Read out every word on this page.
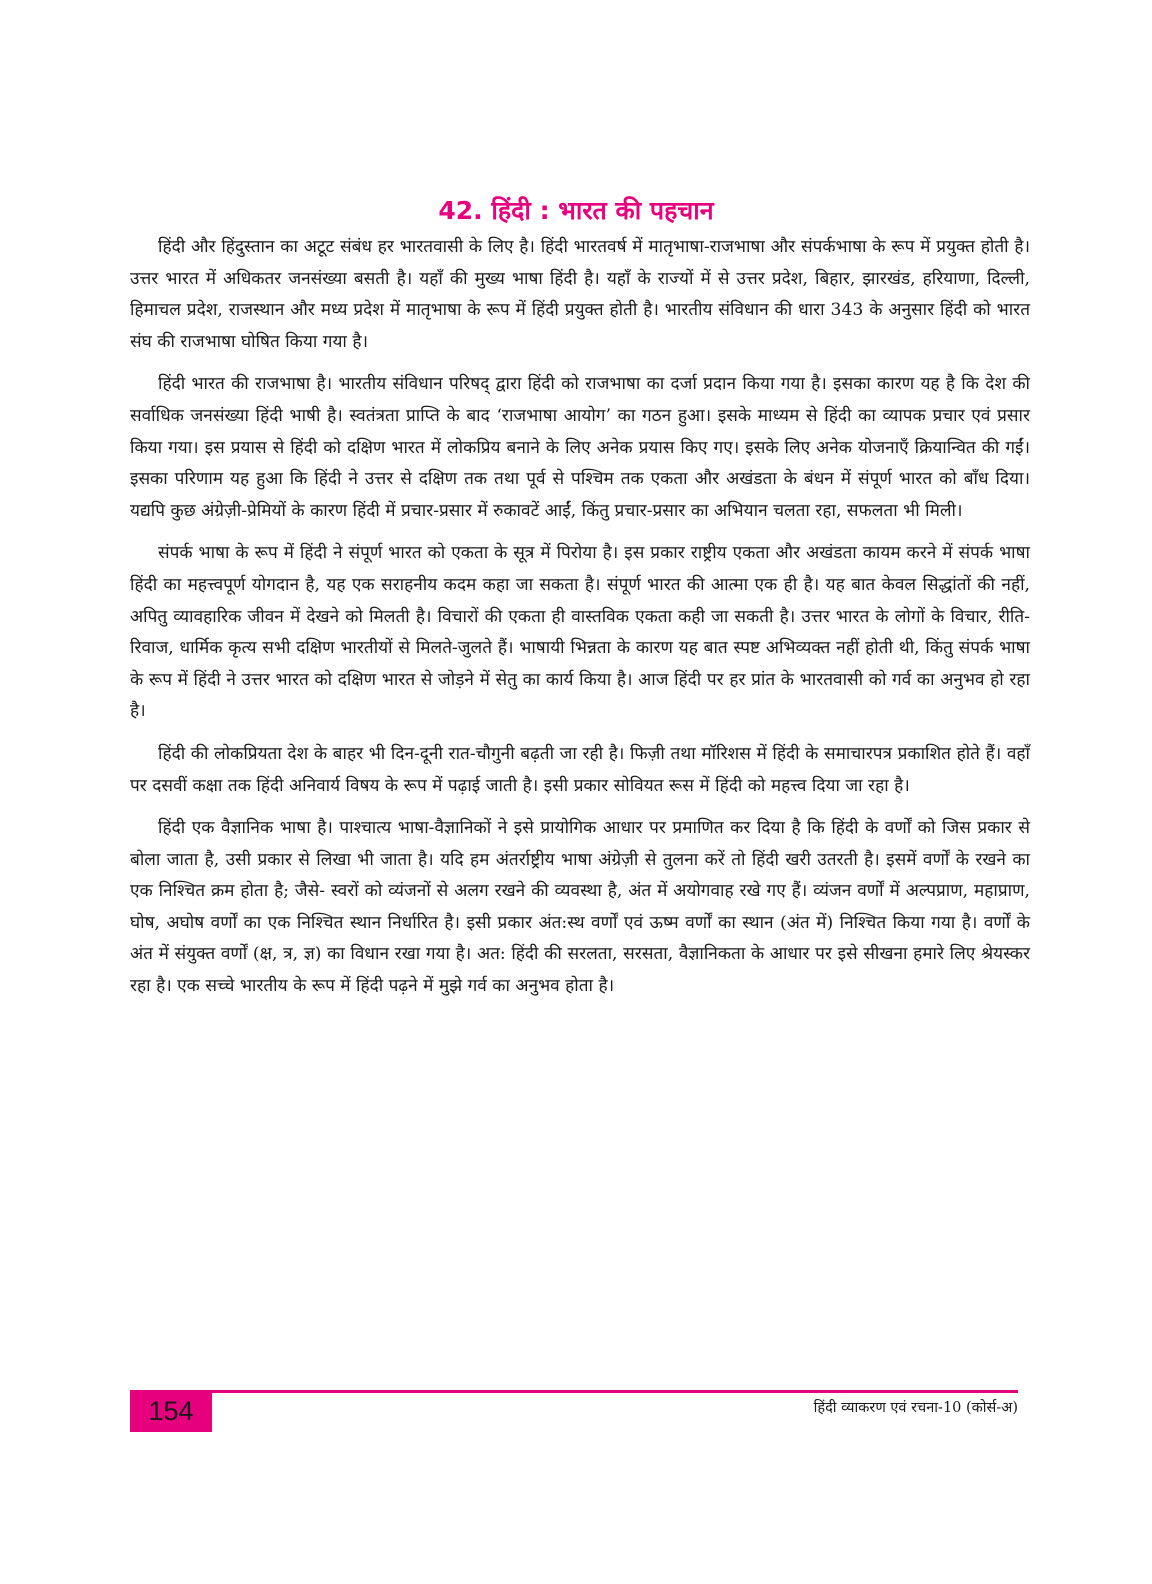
42. हिंदी : भारत की पहचान

हिंदी और हिंदुस्तान का अटूट संबंध हर भारतवासी के लिए है। हिंदी भारतवर्ष में मातृभाषा-राजभाषा और संपर्कभाषा के रूप में प्रयुक्त होती है। उत्तर भारत में अधिकतर जनसंख्या बसती है। यहाँ की मुख्य भाषा हिंदी है। यहाँ के राज्यों में से उत्तर प्रदेश, बिहार, झारखंड, हरियाणा, दिल्ली, हिमाचल प्रदेश, राजस्थान और मध्य प्रदेश में मातृभाषा के रूप में हिंदी प्रयुक्त होती है। भारतीय संविधान की धारा 343 के अनुसार हिंदी को भारत संघ की राजभाषा घोषित किया गया है।

हिंदी भारत की राजभाषा है। भारतीय संविधान परिषद् द्वारा हिंदी को राजभाषा का दर्जा प्रदान किया गया है। इसका कारण यह है कि देश की सर्वाधिक जनसंख्या हिंदी भाषी है। स्वतंत्रता प्राप्ति के बाद ‘राजभाषा आयोग’ का गठन हुआ। इसके माध्यम से हिंदी का व्यापक प्रचार एवं प्रसार किया गया। इस प्रयास से हिंदी को दक्षिण भारत में लोकप्रिय बनाने के लिए अनेक प्रयास किए गए। इसके लिए अनेक योजनाएँ क्रियान्वित की गईं। इसका परिणाम यह हुआ कि हिंदी ने उत्तर से दक्षिण तक तथा पूर्व से पश्चिम तक एकता और अखंडता के बंधन में संपूर्ण भारत को बाँध दिया। यद्यपि कुछ अंग्रेज़ी-प्रेमियों के कारण हिंदी में प्रचार-प्रसार में रुकावटें आईं, किंतु प्रचार-प्रसार का अभियान चलता रहा, सफलता भी मिली।

संपर्क भाषा के रूप में हिंदी ने संपूर्ण भारत को एकता के सूत्र में पिरोया है। इस प्रकार राष्ट्रीय एकता और अखंडता कायम करने में संपर्क भाषा हिंदी का महत्त्वपूर्ण योगदान है, यह एक सराहनीय कदम कहा जा सकता है। संपूर्ण भारत की आत्मा एक ही है। यह बात केवल सिद्धांतों की नहीं, अपितु व्यावहारिक जीवन में देखने को मिलती है। विचारों की एकता ही वास्तविक एकता कही जा सकती है। उत्तर भारत के लोगों के विचार, रीति-रिवाज, धार्मिक कृत्य सभी दक्षिण भारतीयों से मिलते-जुलते हैं। भाषायी भिन्नता के कारण यह बात स्पष्ट अभिव्यक्त नहीं होती थी, किंतु संपर्क भाषा के रूप में हिंदी ने उत्तर भारत को दक्षिण भारत से जोड़ने में सेतु का कार्य किया है। आज हिंदी पर हर प्रांत के भारतवासी को गर्व का अनुभव हो रहा है।

हिंदी की लोकप्रियता देश के बाहर भी दिन-दूनी रात-चौगुनी बढ़ती जा रही है। फिज़ी तथा मॉरिशस में हिंदी के समाचारपत्र प्रकाशित होते हैं। वहाँ पर दसवीं कक्षा तक हिंदी अनिवार्य विषय के रूप में पढ़ाई जाती है। इसी प्रकार सोवियत रूस में हिंदी को महत्त्व दिया जा रहा है।

हिंदी एक वैज्ञानिक भाषा है। पाश्चात्य भाषा-वैज्ञानिकों ने इसे प्रायोगिक आधार पर प्रमाणित कर दिया है कि हिंदी के वर्णों को जिस प्रकार से बोला जाता है, उसी प्रकार से लिखा भी जाता है। यदि हम अंतर्राष्ट्रीय भाषा अंग्रेज़ी से तुलना करें तो हिंदी खरी उतरती है। इसमें वर्णों के रखने का एक निश्चित क्रम होता है; जैसे- स्वरों को व्यंजनों से अलग रखने की व्यवस्था है, अंत में अयोगवाह रखे गए हैं। व्यंजन वर्णों में अल्पप्राण, महाप्राण, घोष, अघोष वर्णों का एक निश्चित स्थान निर्धारित है। इसी प्रकार अंत:स्थ वर्णों एवं ऊष्म वर्णों का स्थान (अंत में) निश्चित किया गया है। वर्णों के अंत में संयुक्त वर्णों (क्ष, त्र, ज्ञ) का विधान रखा गया है। अत: हिंदी की सरलता, सरसता, वैज्ञानिकता के आधार पर इसे सीखना हमारे लिए श्रेयस्कर रहा है। एक सच्चे भारतीय के रूप में हिंदी पढ़ने में मुझे गर्व का अनुभव होता है।

154	हिंदी व्याकरण एवं रचना-10 (कोर्स-अ)
